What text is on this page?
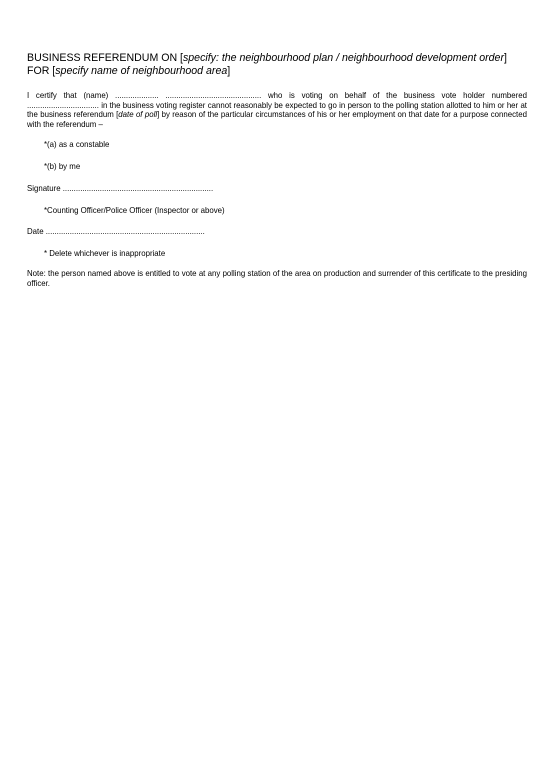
BUSINESS REFERENDUM ON [specify: the neighbourhood plan / neighbourhood development order] FOR [specify name of neighbourhood area]

I certify that (name) .................... ............................................ who is voting on behalf of the business vote holder numbered ................................. in the business voting register cannot reasonably be expected to go in person to the polling station allotted to him or her at the business referendum [date of poll] by reason of the particular circumstances of his or her employment on that date for a purpose connected with the referendum –

*(a) as a constable

*(b) by me

Signature .....................................................................

*Counting Officer/Police Officer (Inspector or above)

Date .........................................................................

* Delete whichever is inappropriate

Note: the person named above is entitled to vote at any polling station of the area on production and surrender of this certificate to the presiding officer.
